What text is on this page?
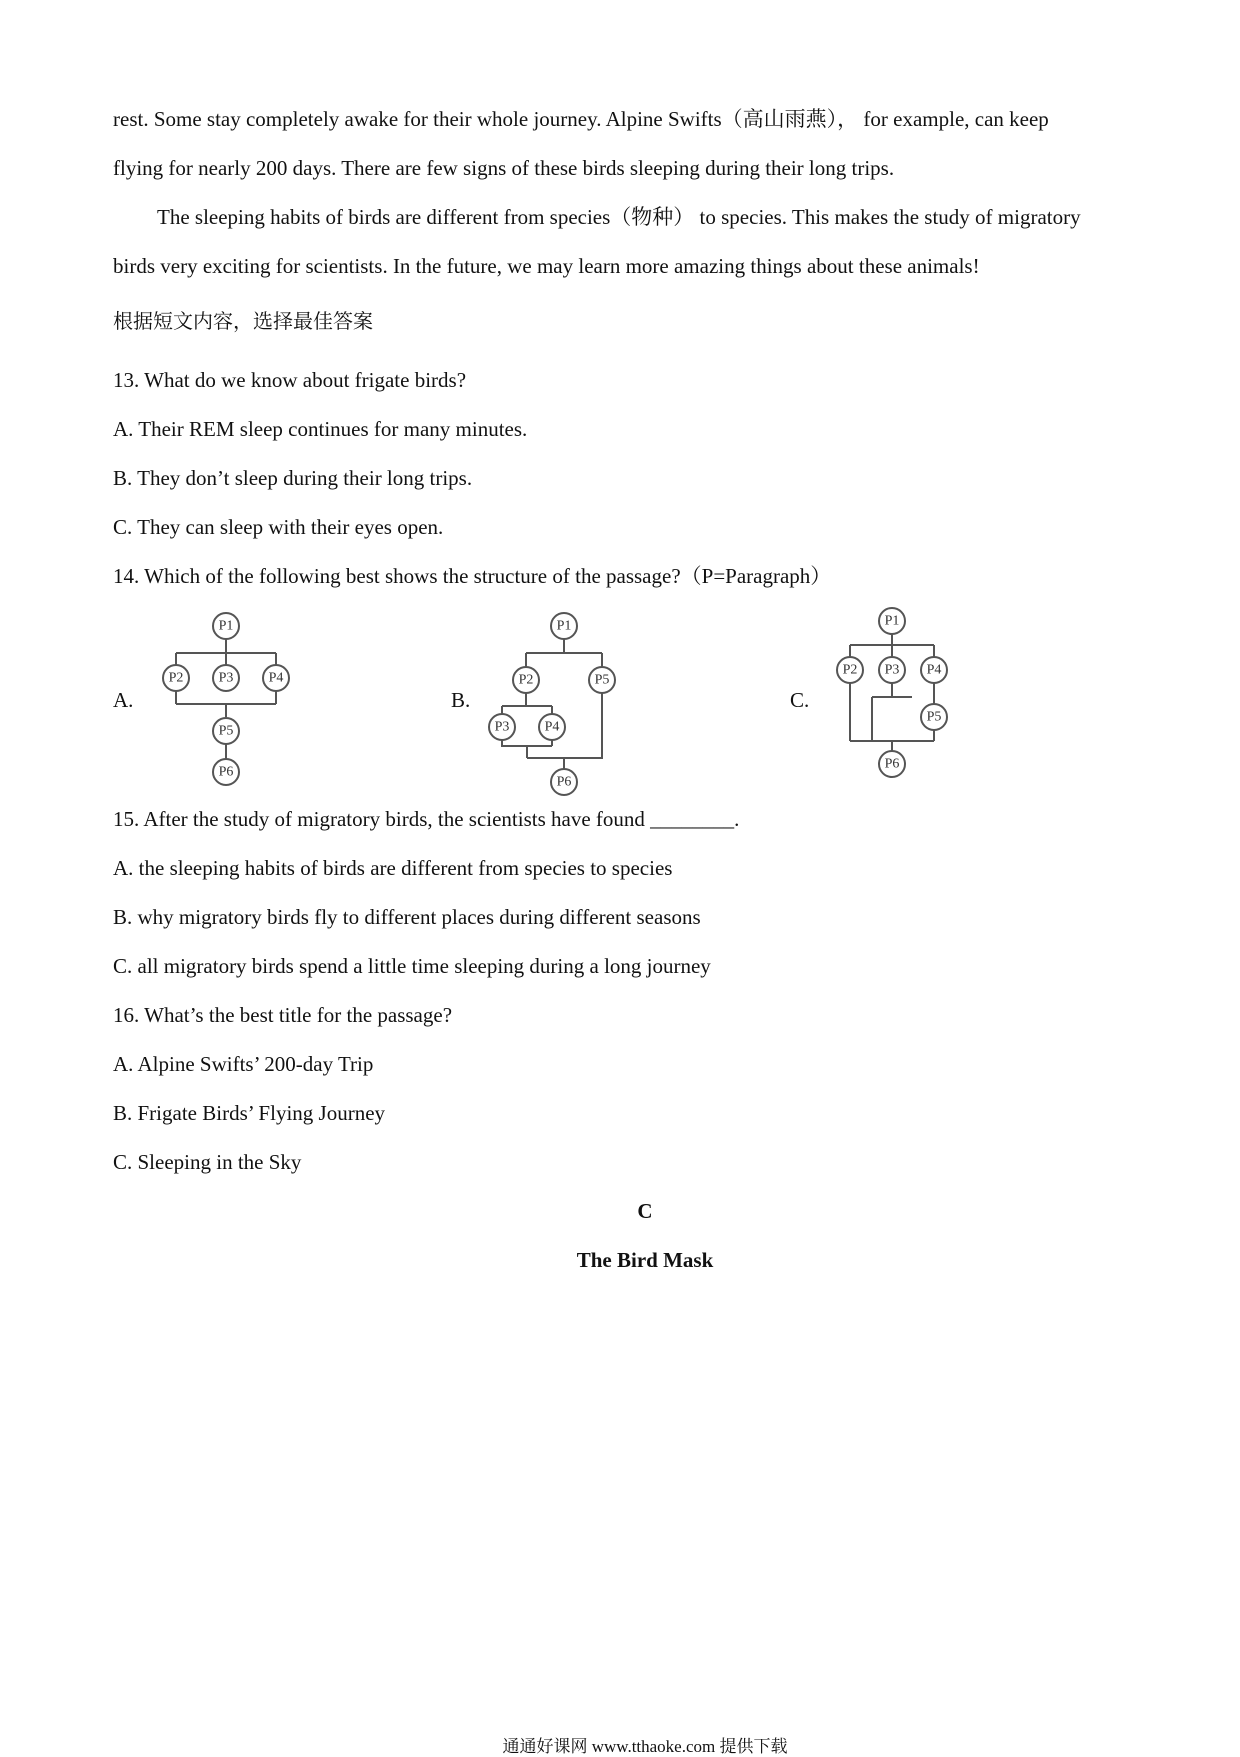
rest. Some stay completely awake for their whole journey. Alpine Swifts（高山雨燕）， for example, can keep
flying for nearly 200 days. There are few signs of these birds sleeping during their long trips.
The sleeping habits of birds are different from species（物种） to species. This makes the study of migratory
birds very exciting for scientists. In the future, we may learn more amazing things about these animals!
根据短文内容，选择最佳答案
13. What do we know about frigate birds?
A. Their REM sleep continues for many minutes.
B. They don’t sleep during their long trips.
C. They can sleep with their eyes open.
14. Which of the following best shows the structure of the passage?（P=Paragraph）
A.
P1
P2	P3	P4
P5
P6
B.
P1
P2	P5
P3	P4
P6
C.
P1
P2 P3 P4
P5
P6
15. After the study of migratory birds, the scientists have found ________.
A. the sleeping habits of birds are different from species to species
B. why migratory birds fly to different places during different seasons
C. all migratory birds spend a little time sleeping during a long journey
16. What’s the best title for the passage?
A. Alpine Swifts’ 200-day Trip
B. Frigate Birds’ Flying Journey
C. Sleeping in the Sky
C
The Bird Mask
通通好课网 www.tthaoke.com 提供下载
